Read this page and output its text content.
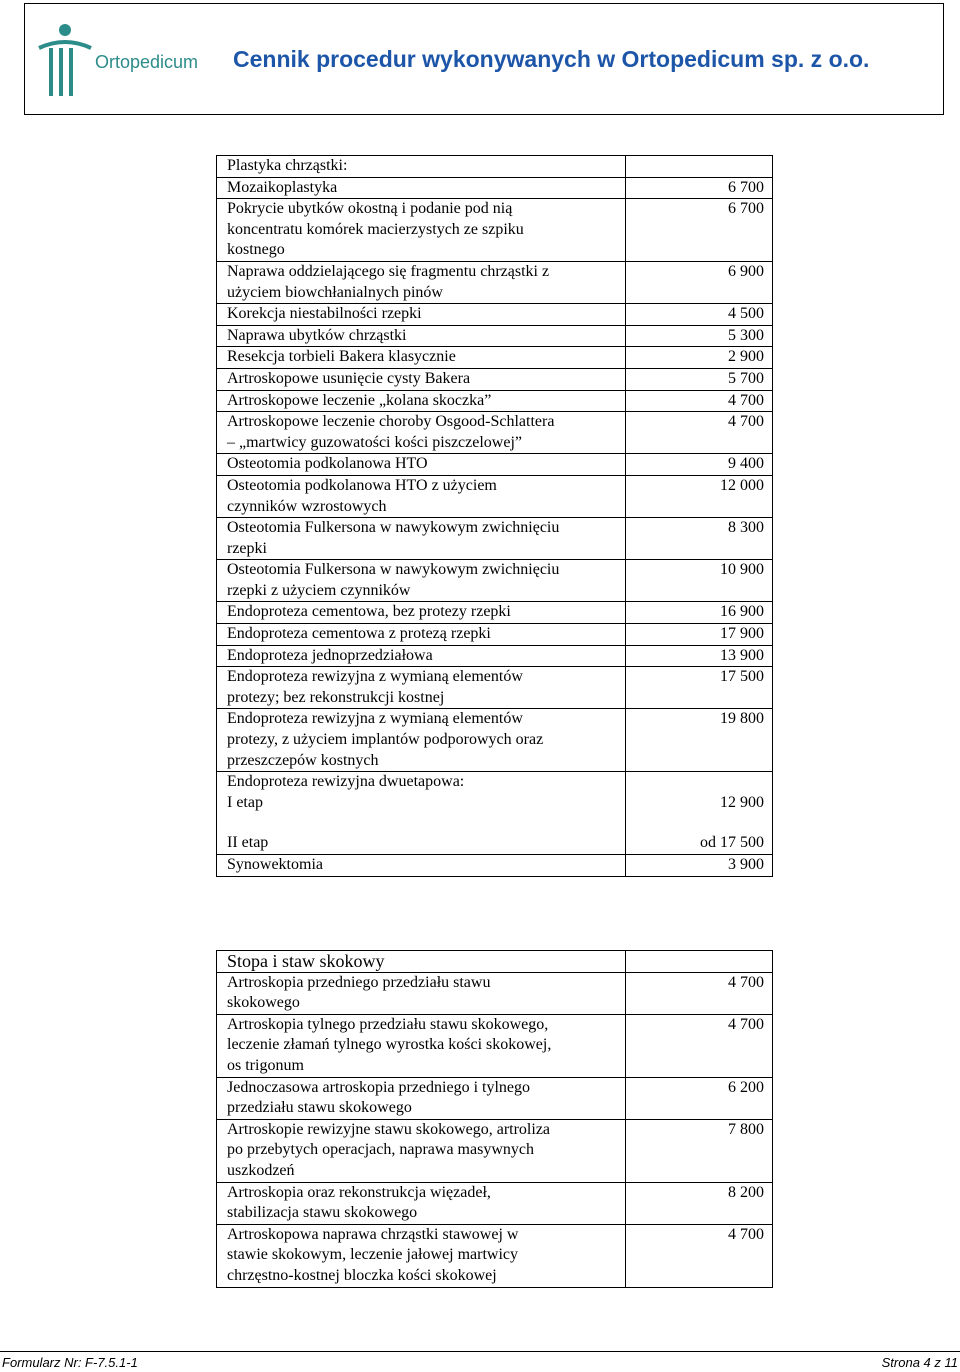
Ortopedicum Cennik procedur wykonywanych w Ortopedicum sp. z o.o.
Plastyka chrząstki:	

Mozaikoplastyka	6 700

Pokrycie ubytków okostną i podanie pod nią
koncentratu komórek macierzystych ze szpiku
kostnego	6 700

Naprawa oddzielającego się fragmentu chrząstki z
użyciem biowchłanialnych pinów	6 900

Korekcja niestabilności rzepki	4 500

Naprawa ubytków chrząstki	5 300

Resekcja torbieli Bakera klasycznie	2 900

Artroskopowe usunięcie cysty Bakera	5 700

Artroskopowe leczenie „kolana skoczka”	4 700

Artroskopowe leczenie choroby Osgood-Schlattera
– „martwicy guzowatości kości piszczelowej”	4 700

Osteotomia podkolanowa HTO	9 400

Osteotomia podkolanowa HTO z użyciem
czynników wzrostowych	12 000

Osteotomia Fulkersona w nawykowym zwichnięciu
rzepki	8 300

Osteotomia Fulkersona w nawykowym zwichnięciu
rzepki z użyciem czynników	10 900

Endoproteza cementowa, bez protezy rzepki	16 900

Endoproteza cementowa z protezą rzepki	17 900

Endoproteza jednoprzedziałowa	13 900

Endoproteza rewizyjna z wymianą elementów
protezy; bez rekonstrukcji kostnej	17 500

Endoproteza rewizyjna z wymianą elementów
protezy, z użyciem implantów podporowych oraz
przeszczepów kostnych	19 800
Endoproteza rewizyjna dwuetapowa:	
I etap	12 900

II etap	od 17 500
Synowektomia	3 900
Stopa i staw skokowy	

Artroskopia przedniego przedziału stawu
skokowego	4 700

Artroskopia tylnego przedziału stawu skokowego,
leczenie złamań tylnego wyrostka kości skokowej,
os trigonum	4 700

Jednoczasowa artroskopia przedniego i tylnego
przedziału stawu skokowego	6 200

Artroskopie rewizyjne stawu skokowego, artroliza
po przebytych operacjach, naprawa masywnych
uszkodzeń	7 800

Artroskopia oraz rekonstrukcja więzadeł,
stabilizacja stawu skokowego	8 200

Artroskopowa naprawa chrząstki stawowej w
stawie skokowym, leczenie jałowej martwicy
chrzęstno-kostnej bloczka kości skokowej	4 700
Formularz Nr: F-7.5.1-1	Strona 4 z 11
